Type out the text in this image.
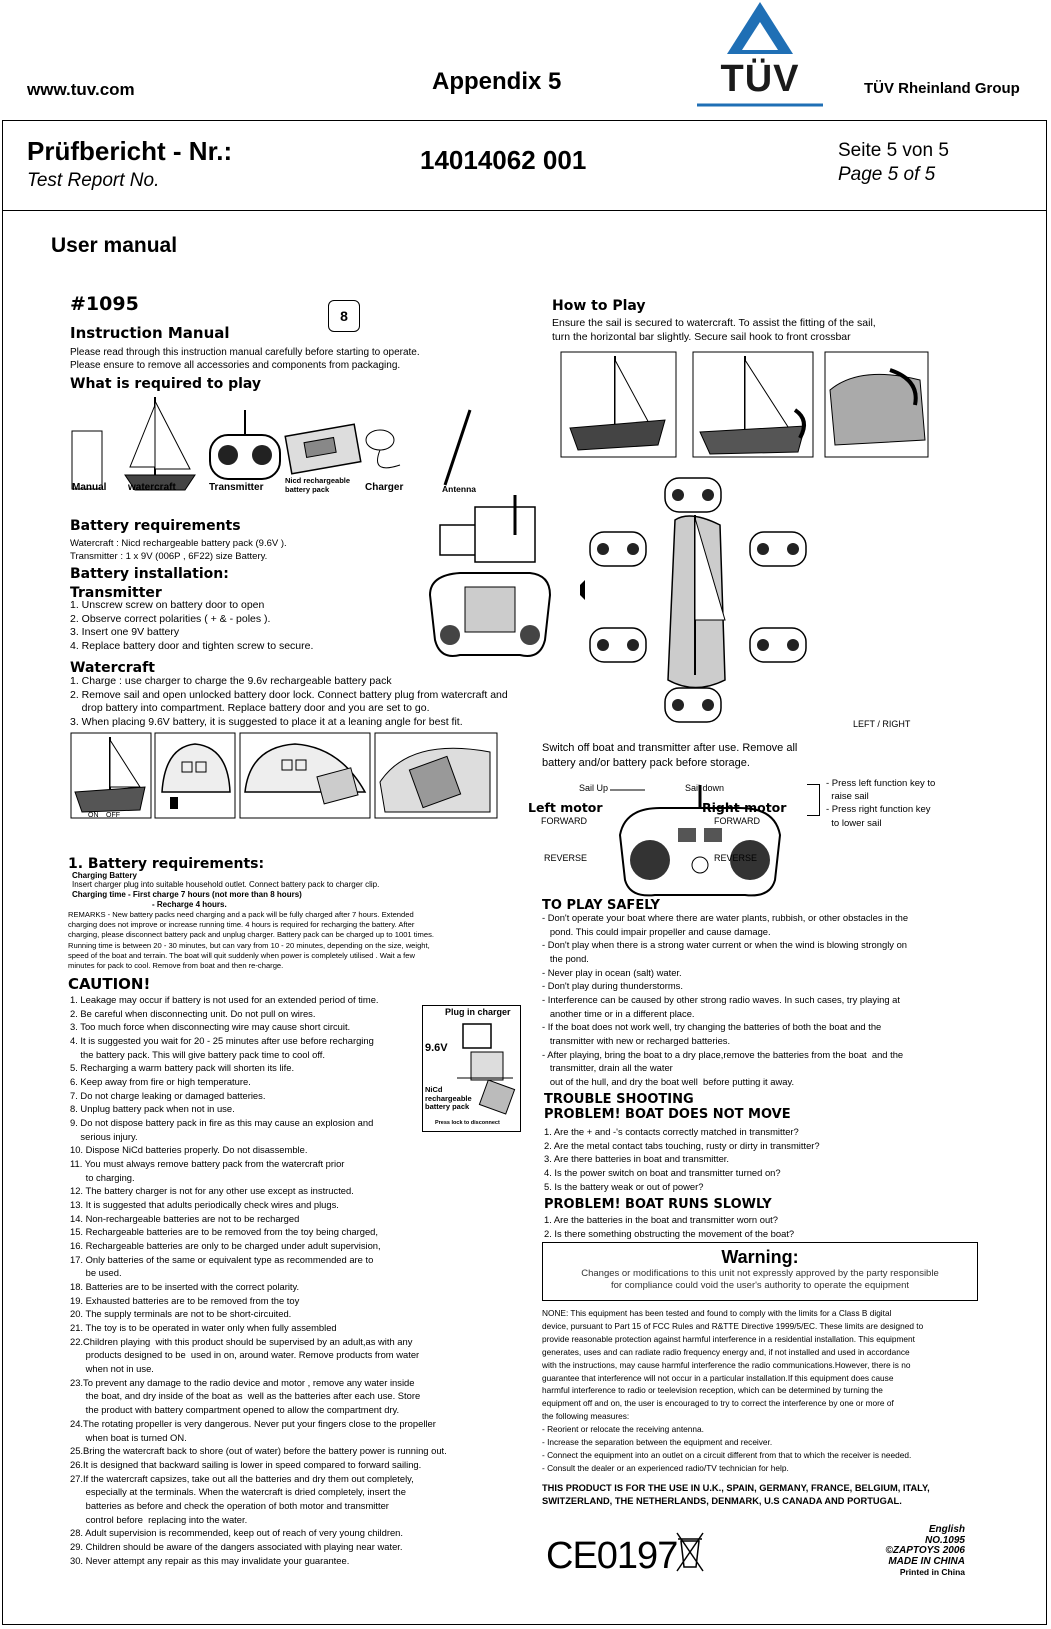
www.tuv.com	Appendix 5	TÜV	TÜV Rheinland Group
Prüfbericht - Nr.:
Test Report No.
14014062 001	Seite 5 von 5
Page 5 of 5
User manual
#1095
8
Instruction Manual
Please read through this instruction manual carefully before starting to operate.
Please ensure to remove all accessories and components from packaging.
What is required to play
Manual watercraft	Transmitter
Nicd rechargeable battery pack	Charger	Antenna
Battery requirements
Watercraft : Nicd rechargeable battery pack (9.6V ).
Transmitter : 1 x 9V (006P , 6F22) size Battery.
Battery installation:
Transmitter
1. Unscrew screw on battery door to open
2. Observe correct polarities ( + & - poles ).
3. Insert one 9V battery
4. Replace battery door and tighten screw to secure.
Watercraft
1. Charge : use charger to charge the 9.6v rechargeable battery pack
2. Remove sail and open unlocked battery door lock. Connect battery plug from watercraft and
drop battery into compartment. Replace battery door and you are set to go.
3. When placing 9.6V battery, it is suggested to place it at a leaning angle for best fit.
ON OFF
1. Battery requirements:
Charging Battery
Insert charger plug into suitable household outlet. Connect battery pack to charger clip.
Charging time - First charge 7 hours (not more than 8 hours)
- Recharge 4 hours.
REMARKS - New battery packs need charging and a pack will be fully charged after 7 hours. Extended
charging does not improve or increase running time. 4 hours is required for recharging the battery. After
charging, please disconnect battery pack and unplug charger. Battery pack can be charged up to 1001 times.
Running time is between 20 - 30 minutes, but can vary from 10 - 20 minutes, depending on the size, weight,
speed of the boat and terrain. The boat will quit suddenly when power is completely utilised . Wait a few
minutes for pack to cool. Remove from boat and then re-charge.
CAUTION!
1. Leakage may occur if battery is not used for an extended period of time.
2. Be careful when disconnecting unit. Do not pull on wires.
3. Too much force when disconnecting wire may cause short circuit.
4. It is suggested you wait for 20 - 25 minutes after use before recharging
the battery pack. This will give battery pack time to cool off.
5. Recharging a warm battery pack will shorten its life.
6. Keep away from fire or high temperature.
7. Do not charge leaking or damaged batteries.
8. Unplug battery pack when not in use.
9. Do not dispose battery pack in fire as this may cause an explosion and
serious injury.
10. Dispose NiCd batteries properly. Do not disassemble.
11. You must always remove battery pack from the watercraft prior
to charging.
12. The battery charger is not for any other use except as instructed.
13. It is suggested that adults periodically check wires and plugs.
14. Non-rechargeable batteries are not to be recharged
15. Rechargeable batteries are to be removed from the toy being charged,
16. Rechargeable batteries are only to be charged under adult supervision,
17. Only batteries of the same or equivalent type as recommended are to
be used.
18. Batteries are to be inserted with the correct polarity.
19. Exhausted batteries are to be removed from the toy
20. The supply terminals are not to be short-circuited.
21. The toy is to be operated in water only when fully assembled
22.Children playing  with this product should be supervised by an adult,as with any
products designed to be  used in on, around water. Remove products from water
when not in use.
23.To prevent any damage to the radio device and motor , remove any water inside
the boat, and dry inside of the boat as  well as the batteries after each use. Store
the product with battery compartment opened to allow the compartment dry.
24.The rotating propeller is very dangerous. Never put your fingers close to the propeller
when boat is turned ON.
25.Bring the watercraft back to shore (out of water) before the battery power is running out.
26.It is designed that backward sailing is lower in speed compared to forward sailing.
27.If the watercraft capsizes, take out all the batteries and dry them out completely,
especially at the terminals. When the watercraft is dried completely, insert the
batteries as before and check the operation of both motor and transmitter
control before  replacing into the water.
28. Adult supervision is recommended, keep out of reach of very young children.
29. Children should be aware of the dangers associated with playing near water.
30. Never attempt any repair as this may invalidate your guarantee.
Plug in charger
9.6V
NiCd
rechargeable
battery pack
Press lock to disconnect
How to Play
Ensure the sail is secured to watercraft. To assist the fitting of the sail,
turn the horizontal bar slightly. Secure sail hook to front crossbar
LEFT / RIGHT
Switch off boat and transmitter after use. Remove all
battery and/or battery pack before storage.
Sail Up	Sail down
Left motor	Right motor
FORWARD	FORWARD
REVERSE	REVERSE
- Press left function key to
raise sail
- Press right function key
to lower sail
TO PLAY SAFELY
- Don't operate your boat where there are water plants, rubbish, or other obstacles in the
pond. This could impair propeller and cause damage.
- Don't play when there is a strong water current or when the wind is blowing strongly on
the pond.
- Never play in ocean (salt) water.
- Don't play during thunderstorms.
- Interference can be caused by other strong radio waves. In such cases, try playing at
another time or in a different place.
- If the boat does not work well, try changing the batteries of both the boat and the
transmitter with new or recharged batteries.
- After playing, bring the boat to a dry place,remove the batteries from the boat  and the
transmitter, drain all the water
out of the hull, and dry the boat well  before putting it away.
TROUBLE SHOOTING
PROBLEM! BOAT DOES NOT MOVE
1. Are the + and -'s contacts correctly matched in transmitter?
2. Are the metal contact tabs touching, rusty or dirty in transmitter?
3. Are there batteries in boat and transmitter.
4. Is the power switch on boat and transmitter turned on?
5. Is the battery weak or out of power?
PROBLEM! BOAT RUNS SLOWLY
1. Are the batteries in the boat and transmitter worn out?
2. Is there something obstructing the movement of the boat?
Warning:
Changes or modifications to this unit not expressly approved by the party responsible
for compliance could void the user's authority to operate the equipment
NONE: This equipment has been tested and found to comply with the limits for a Class B digital
device, pursuant to Part 15 of FCC Rules and R&TTE Directive 1999/5/EC. These limits are designed to
provide reasonable protection against harmful interference in a residential installation. This equipment
generates, uses and can radiate radio frequency energy and, if not installed and used in accordance
with the instructions, may cause harmful interference the radio communications.However, there is no
guarantee that interference will not occur in a particular installation.If this equipment does cause
harmful interference to radio or teelevision reception, which can be determined by turning the
equipment off and on, the user is encouraged to try to correct the interference by one or more of
the following measures:
- Reorient or relocate the receiving antenna.
- Increase the separation between the equipment and receiver.
- Connect the equipment into an outlet on a circuit different from that to which the receiver is needed.
- Consult the dealer or an experienced radio/TV technician for help.
THIS PRODUCT IS FOR THE USE IN U.K., SPAIN, GERMANY, FRANCE, BELGIUM, ITALY,
SWITZERLAND, THE NETHERLANDS, DENMARK, U.S CANADA AND PORTUGAL.
CE0197
English
NO.1095
©ZAPTOYS 2006
MADE IN CHINA
Printed in China
